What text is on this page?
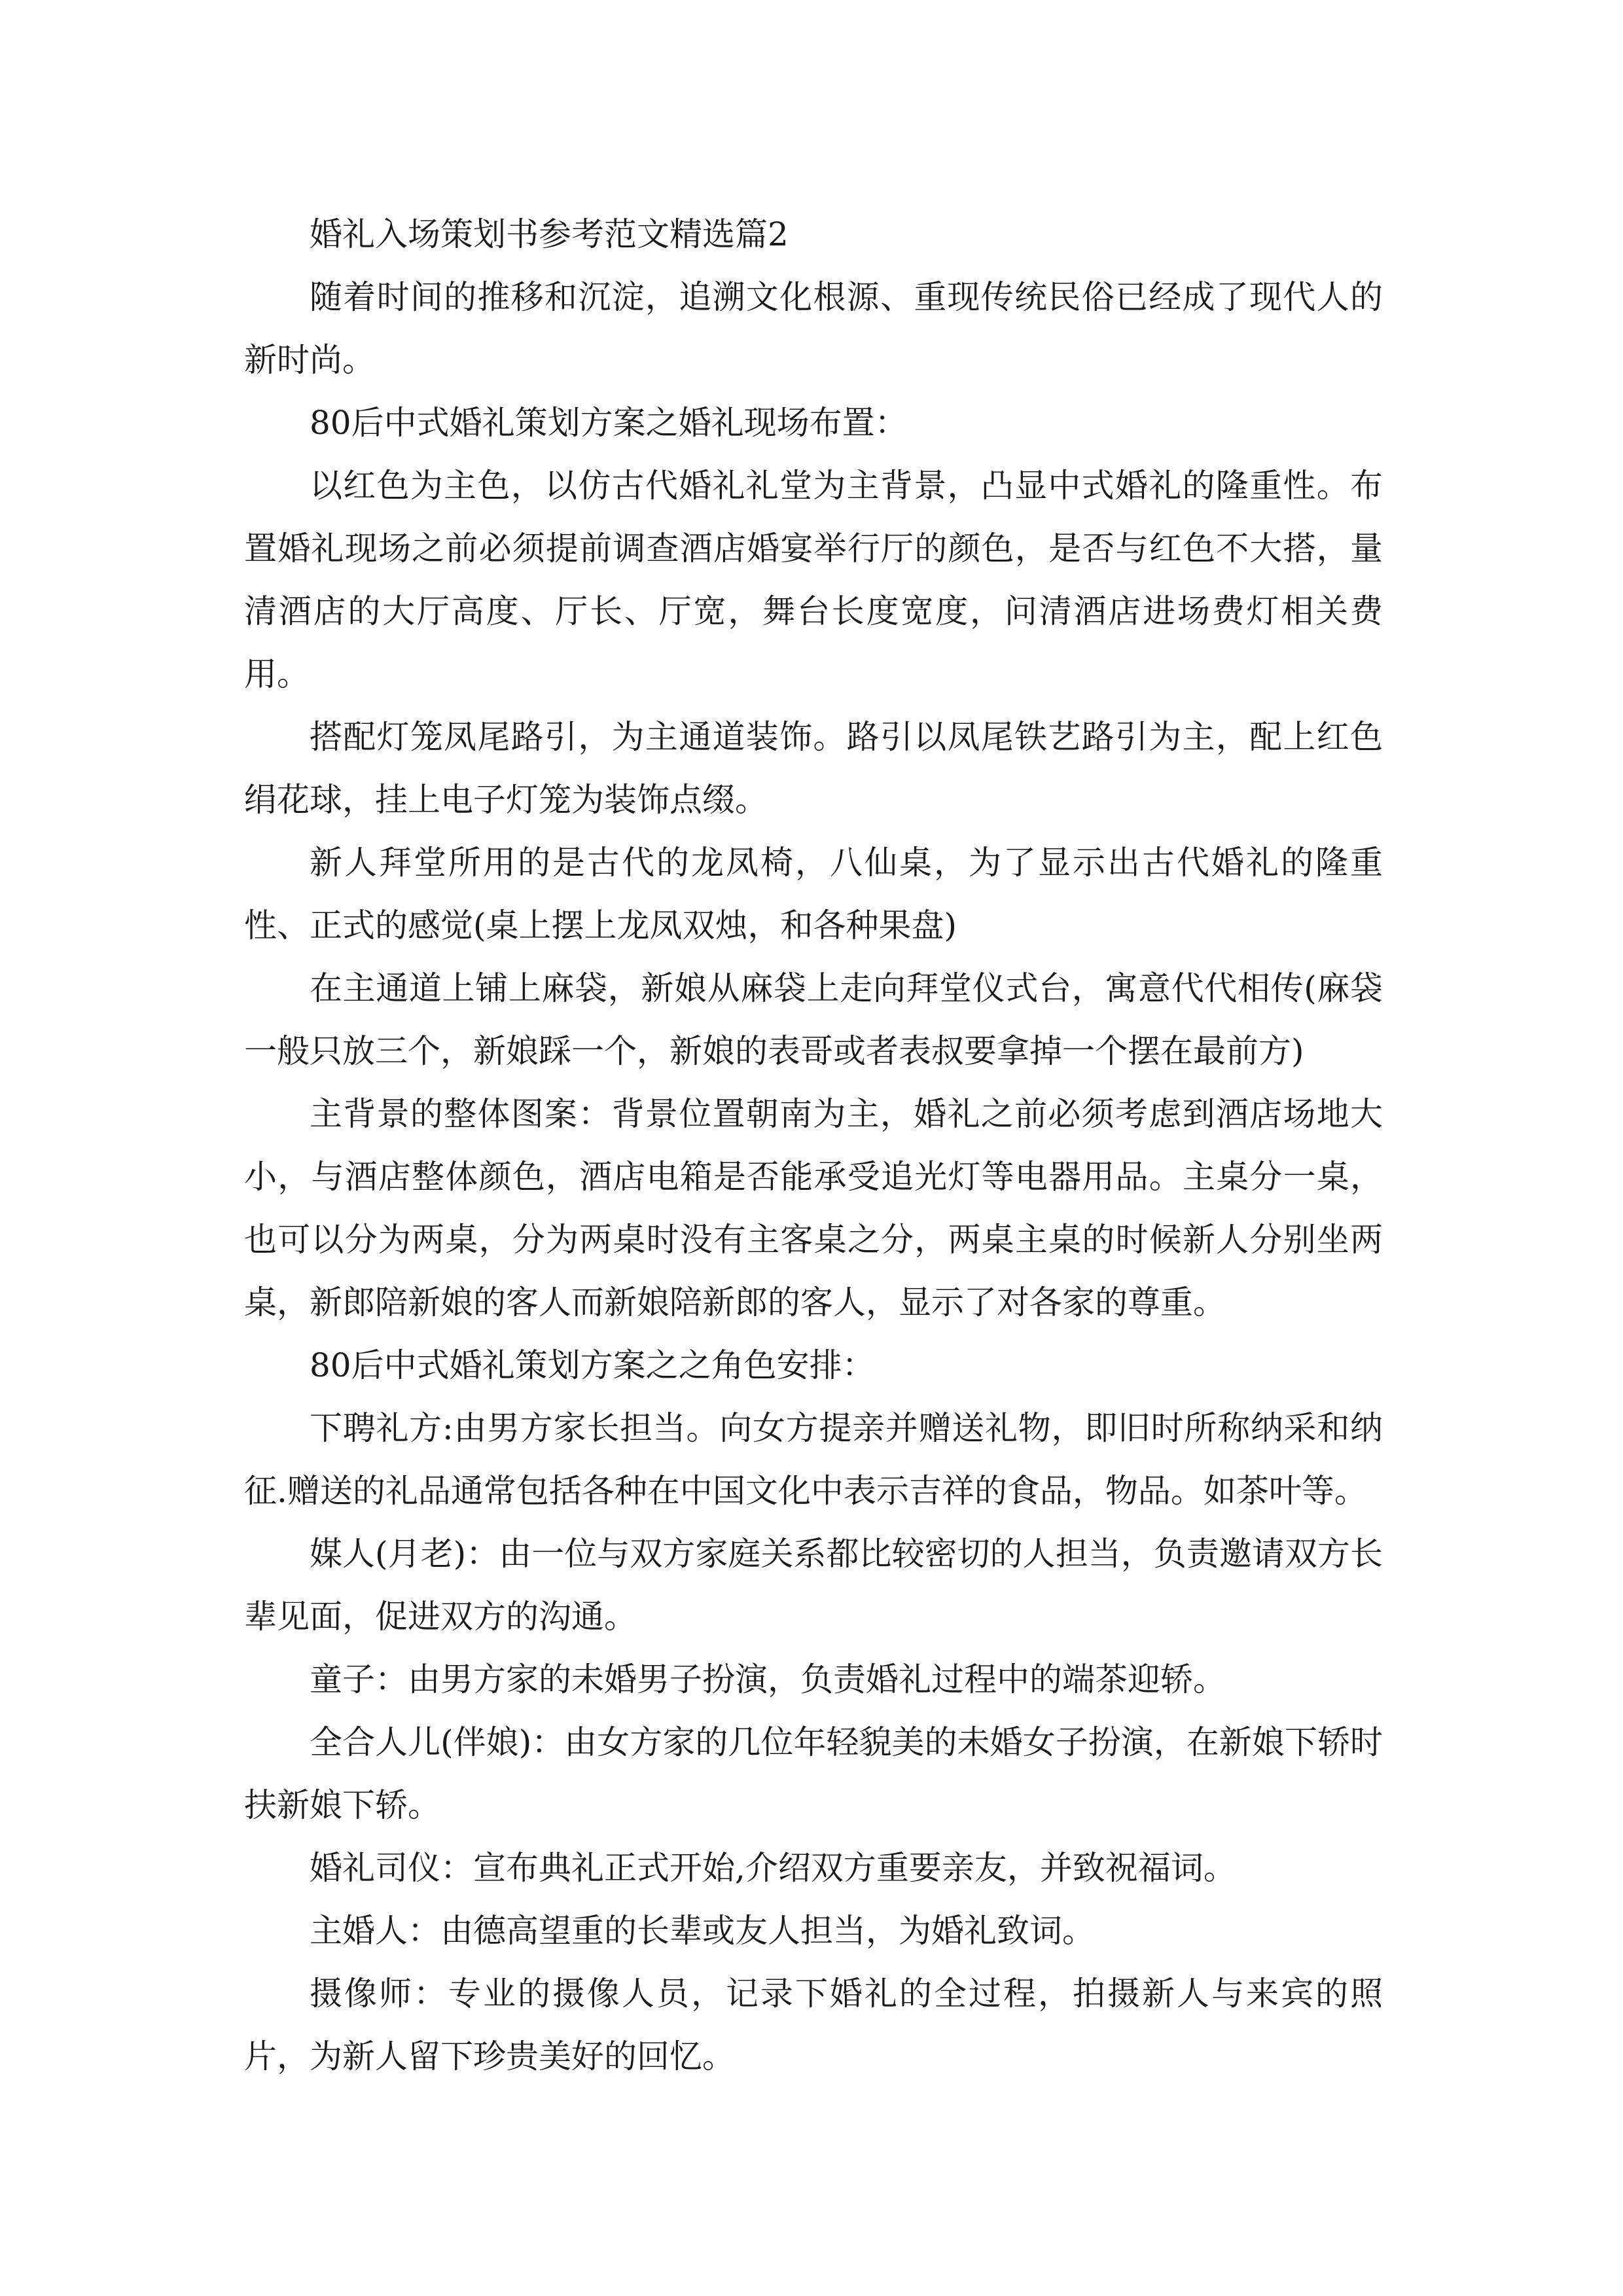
婚礼入场策划书参考范文精选篇2

随着时间的推移和沉淀，追溯文化根源、重现传统民俗已经成了现代人的新时尚。

80后中式婚礼策划方案之婚礼现场布置：

以红色为主色，以仿古代婚礼礼堂为主背景，凸显中式婚礼的隆重性。布置婚礼现场之前必须提前调查酒店婚宴举行厅的颜色，是否与红色不大搭，量清酒店的大厅高度、厅长、厅宽，舞台长度宽度，问清酒店进场费灯相关费用。

搭配灯笼凤尾路引，为主通道装饰。路引以凤尾铁艺路引为主，配上红色绢花球，挂上电子灯笼为装饰点缀。

新人拜堂所用的是古代的龙凤椅，八仙桌，为了显示出古代婚礼的隆重性、正式的感觉(桌上摆上龙凤双烛，和各种果盘)

在主通道上铺上麻袋，新娘从麻袋上走向拜堂仪式台，寓意代代相传(麻袋一般只放三个，新娘踩一个，新娘的表哥或者表叔要拿掉一个摆在最前方)

主背景的整体图案：背景位置朝南为主，婚礼之前必须考虑到酒店场地大小，与酒店整体颜色，酒店电箱是否能承受追光灯等电器用品。主桌分一桌，也可以分为两桌，分为两桌时没有主客桌之分，两桌主桌的时候新人分别坐两桌，新郎陪新娘的客人而新娘陪新郎的客人，显示了对各家的尊重。

80后中式婚礼策划方案之之角色安排：

下聘礼方:由男方家长担当。向女方提亲并赠送礼物，即旧时所称纳采和纳征.赠送的礼品通常包括各种在中国文化中表示吉祥的食品，物品。如茶叶等。

媒人(月老)：由一位与双方家庭关系都比较密切的人担当，负责邀请双方长辈见面，促进双方的沟通。

童子：由男方家的未婚男子扮演，负责婚礼过程中的端茶迎轿。

全合人儿(伴娘)：由女方家的几位年轻貌美的未婚女子扮演，在新娘下轿时扶新娘下轿。

婚礼司仪：宣布典礼正式开始,介绍双方重要亲友，并致祝福词。

主婚人：由德高望重的长辈或友人担当，为婚礼致词。

摄像师：专业的摄像人员，记录下婚礼的全过程，拍摄新人与来宾的照片，为新人留下珍贵美好的回忆。
